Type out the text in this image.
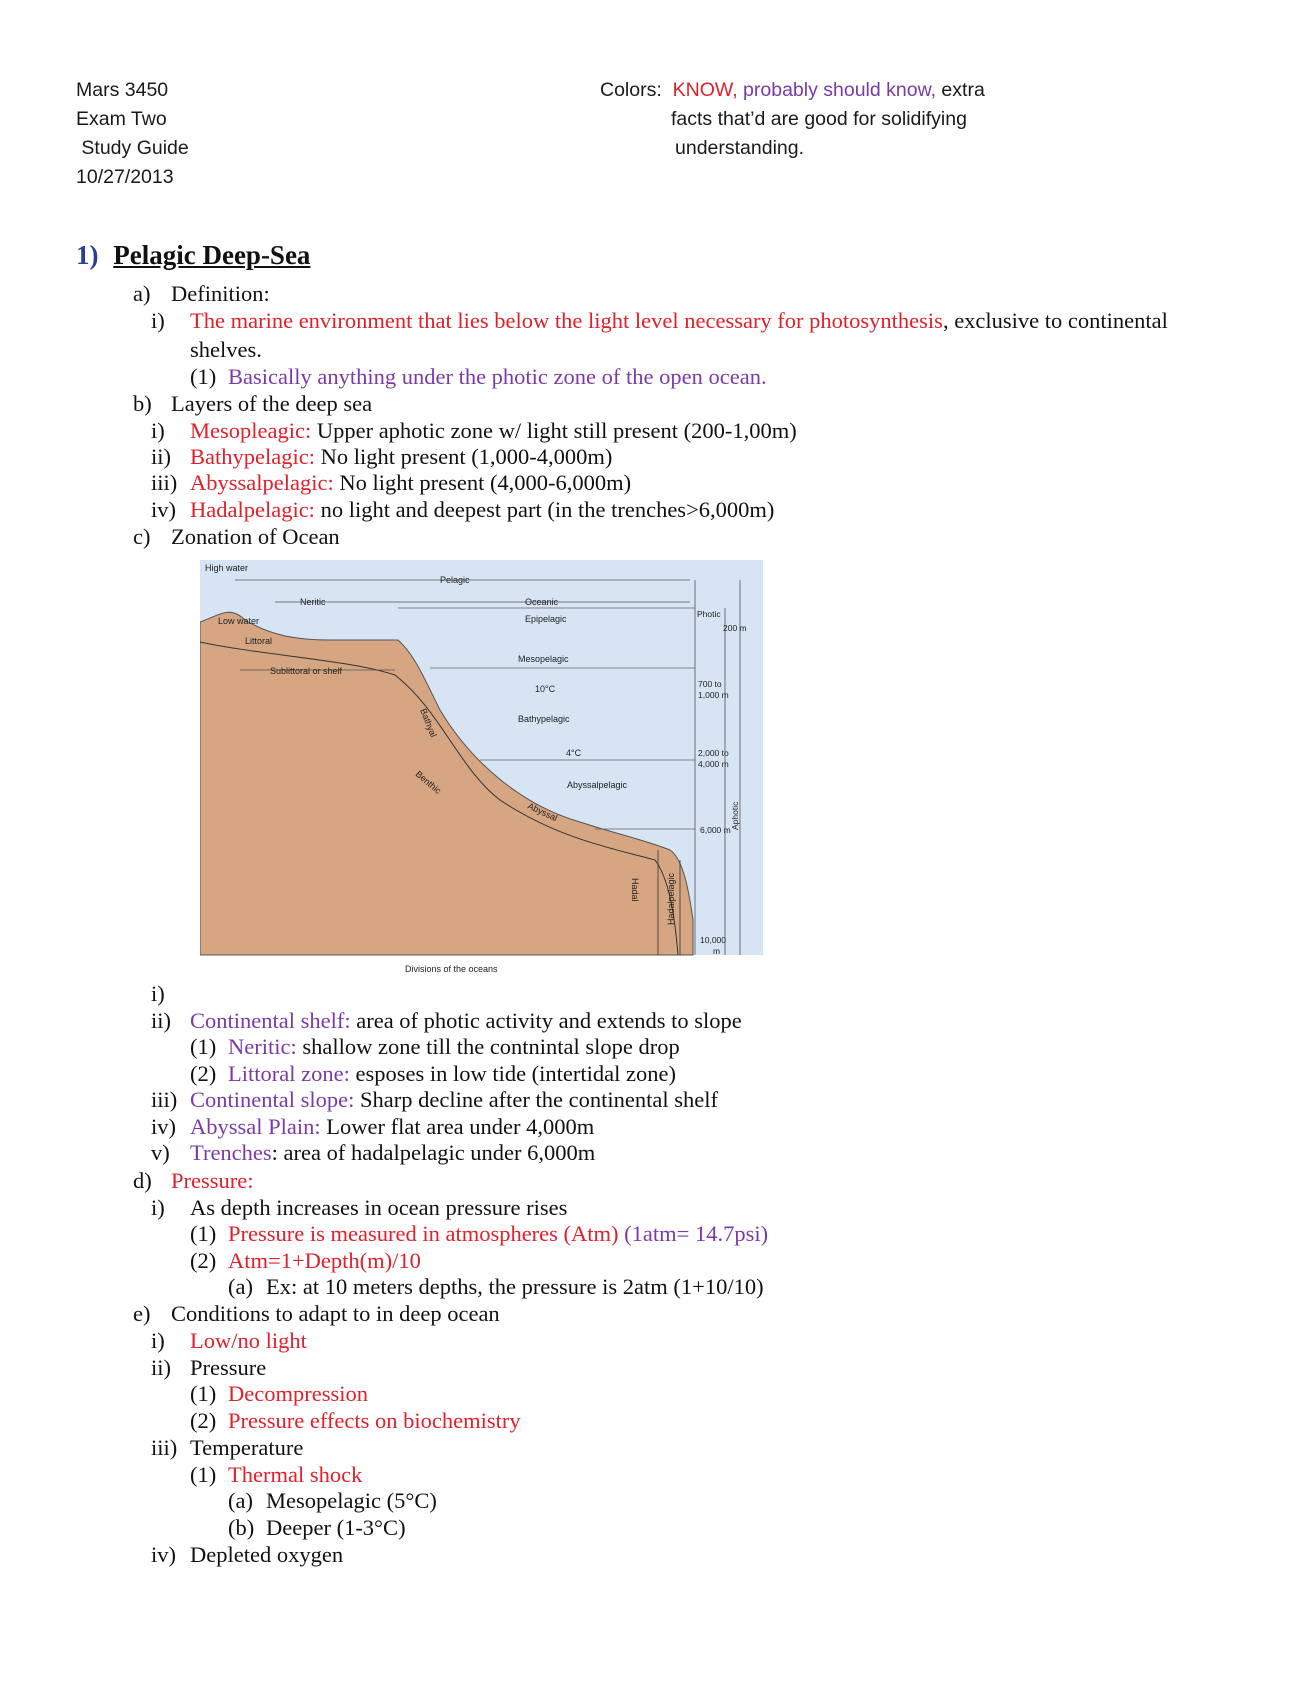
Mars 3450
Exam Two
Study Guide
10/27/2013
Colors:  KNOW, probably should know, extra
facts that’d are good for solidifying
understanding.
1) Pelagic Deep-Sea
a) Definition:
i) The marine environment that lies below the light level necessary for photosynthesis, exclusive to continental
shelves.
(1) Basically anything under the photic zone of the open ocean.
b) Layers of the deep sea
i) Mesopleagic: Upper aphotic zone w/ light still present (200-1,00m)
ii) Bathypelagic: No light present (1,000-4,000m)
iii) Abyssalpelagic: No light present (4,000-6,000m)
iv) Hadalpelagic: no light and deepest part (in the trenches>6,000m)
c) Zonation of Ocean
High water
Pelagic
Neritic	Oceanic
Epipelagic
Low water
Littoral
Sublittoral or shelf
Mesopelagic
10°C
Bathypelagic
4°C
Abyssalpelagic
Bathyal
Benthic
Abyssal
Hadal	Hadalpelagic
Photic
200 m
700 to
1,000 m
2,000 to
4,000 m
Aphotic
6,000 m
10,000
m
Divisions of the oceans
i)
ii) Continental shelf: area of photic activity and extends to slope
(1) Neritic: shallow zone till the contnintal slope drop
(2) Littoral zone: esposes in low tide (intertidal zone)
iii) Continental slope: Sharp decline after the continental shelf
iv) Abyssal Plain: Lower flat area under 4,000m
v) Trenches: area of hadalpelagic under 6,000m
d) Pressure:
i) As depth increases in ocean pressure rises
(1) Pressure is measured in atmospheres (Atm) (1atm= 14.7psi)
(2) Atm=1+Depth(m)/10
(a) Ex: at 10 meters depths, the pressure is 2atm (1+10/10)
e) Conditions to adapt to in deep ocean
i) Low/no light
ii) Pressure
(1) Decompression
(2) Pressure effects on biochemistry
iii) Temperature
(1) Thermal shock
(a) Mesopelagic (5°C)
(b) Deeper (1-3°C)
iv) Depleted oxygen
